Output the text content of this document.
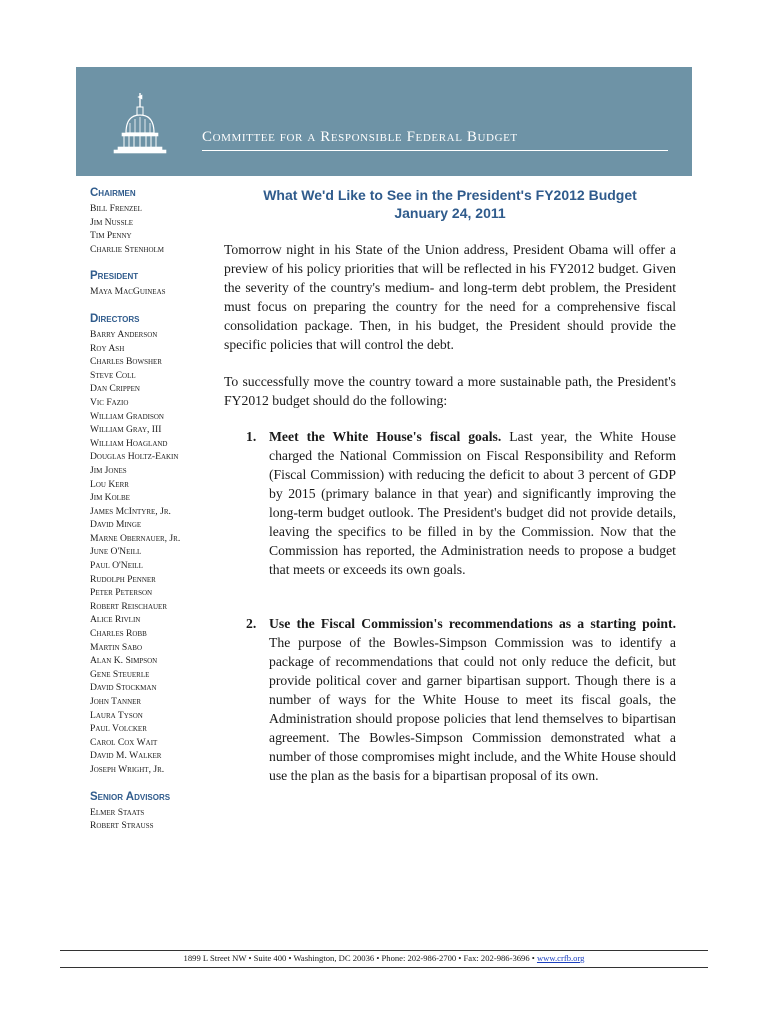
Committee for a Responsible Federal Budget
Chairmen
Bill Frenzel
Jim Nussle
Tim Penny
Charlie Stenholm
President
Maya MacGuineas
Directors
Barry Anderson
Roy Ash
Charles Bowsher
Steve Coll
Dan Crippen
Vic Fazio
William Gradison
William Gray, III
William Hoagland
Douglas Holtz-Eakin
Jim Jones
Lou Kerr
Jim Kolbe
James McIntyre, Jr.
David Minge
Marne Obernauer, Jr.
June O'Neill
Paul O'Neill
Rudolph Penner
Peter Peterson
Robert Reischauer
Alice Rivlin
Charles Robb
Martin Sabo
Alan K. Simpson
Gene Steuerle
David Stockman
John Tanner
Laura Tyson
Paul Volcker
Carol Cox Wait
David M. Walker
Joseph Wright, Jr.
Senior Advisors
Elmer Staats
Robert Strauss
What We'd Like to See in the President's FY2012 Budget
January 24, 2011
Tomorrow night in his State of the Union address, President Obama will offer a preview of his policy priorities that will be reflected in his FY2012 budget. Given the severity of the country's medium- and long-term debt problem, the President must focus on preparing the country for the need for a comprehensive fiscal consolidation package. Then, in his budget, the President should provide the specific policies that will control the debt.
To successfully move the country toward a more sustainable path, the President's FY2012 budget should do the following:
1. Meet the White House's fiscal goals. Last year, the White House charged the National Commission on Fiscal Responsibility and Reform (Fiscal Commission) with reducing the deficit to about 3 percent of GDP by 2015 (primary balance in that year) and significantly improving the long-term budget outlook. The President's budget did not provide details, leaving the specifics to be filled in by the Commission. Now that the Commission has reported, the Administration needs to propose a budget that meets or exceeds its own goals.
2. Use the Fiscal Commission's recommendations as a starting point. The purpose of the Bowles-Simpson Commission was to identify a package of recommendations that could not only reduce the deficit, but provide political cover and garner bipartisan support. Though there is a number of ways for the White House to meet its fiscal goals, the Administration should propose policies that lend themselves to bipartisan agreement. The Bowles-Simpson Commission demonstrated what a number of those compromises might include, and the White House should use the plan as the basis for a bipartisan proposal of its own.
1899 L Street NW • Suite 400 • Washington, DC 20036 • Phone: 202-986-2700 • Fax: 202-986-3696 • www.crfb.org
